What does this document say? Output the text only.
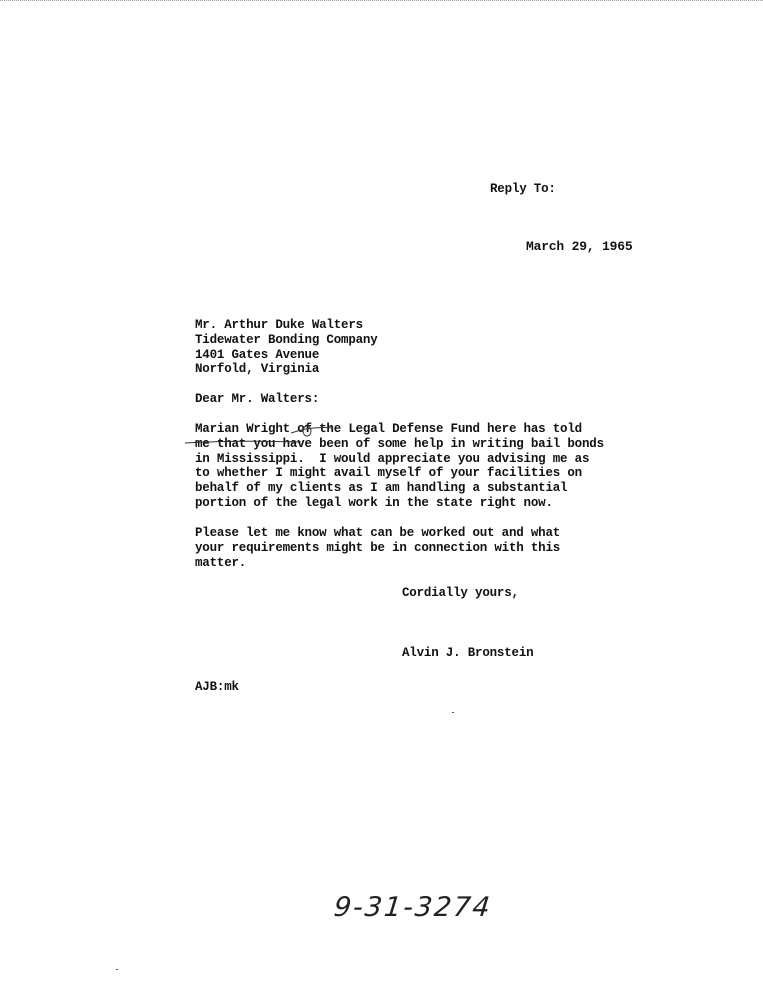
Reply To:

March 29, 1965

Mr. Arthur Duke Walters
Tidewater Bonding Company
1401 Gates Avenue
Norfold, Virginia

Dear Mr. Walters:

Marian Wright of the Legal Defense Fund here has told
me that you have been of some help in writing bail bonds
in Mississippi.  I would appreciate you advising me as
to whether I might avail myself of your facilities on
behalf of my clients as I am handling a substantial
portion of the legal work in the state right now.

Please let me know what can be worked out and what
your requirements might be in connection with this
matter.

Cordially yours,

Alvin J. Bronstein

AJB:mk

9-31-3274
